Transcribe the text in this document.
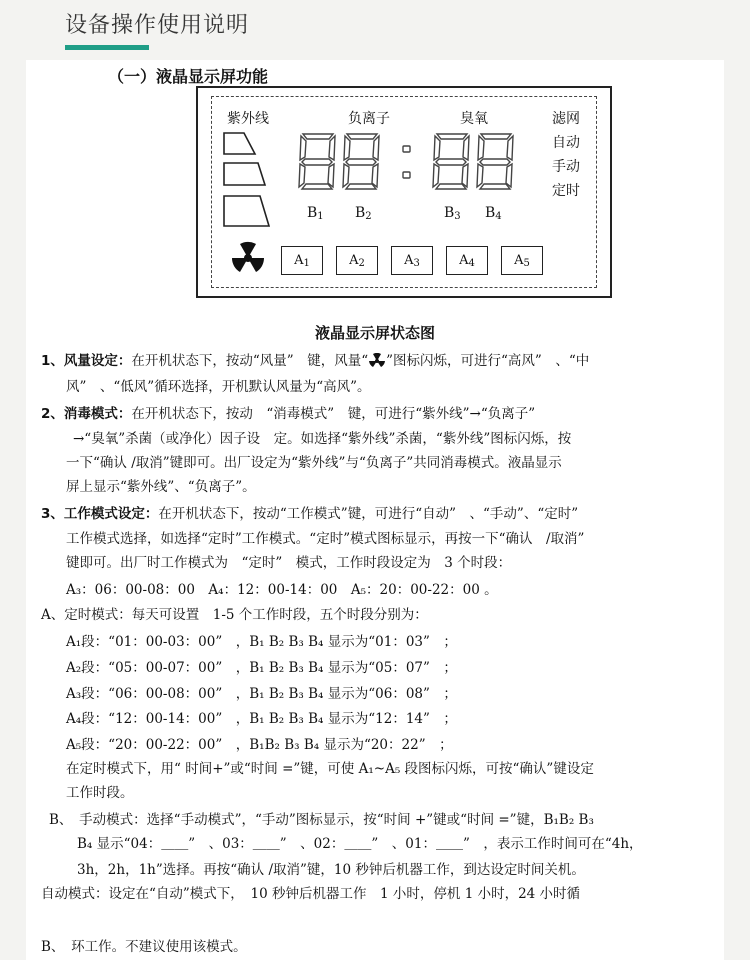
设备操作使用说明
（一）液晶显示屏功能
紫外线	负离子	臭氧	滤网
自动
手动
定时
$B_1$ $B_2$	$B_3$ $B_4$
$A_1$	$A_2$	$A_3$	$A_4$	$A_5$
液晶显示屏状态图
1、风量设定：在开机状态下，按动“风量”　键，风量“ ”图标闪烁，可进行“高风”　、“中
风”　、“低风”循环选择，开机默认风量为“高风”。
2、消毒模式：在开机状态下，按动　“消毒模式”　键，可进行“紫外线”→“负离子”
→“臭氧”杀菌（或净化）因子设　定。如选择“紫外线”杀菌，“紫外线”图标闪烁，按
一下“确认 /取消”键即可。出厂设定为“紫外线”与“负离子”共同消毒模式。液晶显示
屏上显示“紫外线”、“负离子”。
3、工作模式设定：在开机状态下，按动“工作模式”键，可进行“自动”　、“手动”、“定时”
工作模式选择，如选择“定时”工作模式。“定时”模式图标显示，再按一下“确认　/取消”
键即可。出厂时工作模式为　“定时”　模式，工作时段设定为　3 个时段：
A₃：06：00-08：00　A₄：12：00-14：00　A₅：20：00-22：00 。
A、定时模式：每天可设置　1-5 个工作时段，五个时段分别为：
A₁段：“01：00-03：00”　，B₁ B₂ B₃ B₄ 显示为“01：03”　；
A₂段：“05：00-07：00”　，B₁ B₂ B₃ B₄ 显示为“05：07”　；
A₃段：“06：00-08：00”　，B₁ B₂ B₃ B₄ 显示为“06：08”　；
A₄段：“12：00-14：00”　，B₁ B₂ B₃ B₄ 显示为“12：14”　；
A₅段：“20：00-22：00”　，B₁B₂ B₃ B₄ 显示为“20：22”　；
在定时模式下，用“ 时间+”或“时间 =”键，可使 A₁~A₅ 段图标闪烁，可按“确认”键设定
工作时段。
B、　手动模式：选择“手动模式”，“手动”图标显示，按“时间 +”键或“时间 =”键，B₁B₂ B₃
B₄ 显示“04：＿＿”　、03：＿＿”　、02：＿＿”　、01：＿＿”　，表示工作时间可在“4h，
3h，2h，1h”选择。再按“确认 /取消”键，10 秒钟后机器工作，到达设定时间关机。
自动模式：设定在“自动”模式下，　10 秒钟后机器工作　1 小时，停机 1 小时，24 小时循
B、　环工作。不建议使用该模式。
